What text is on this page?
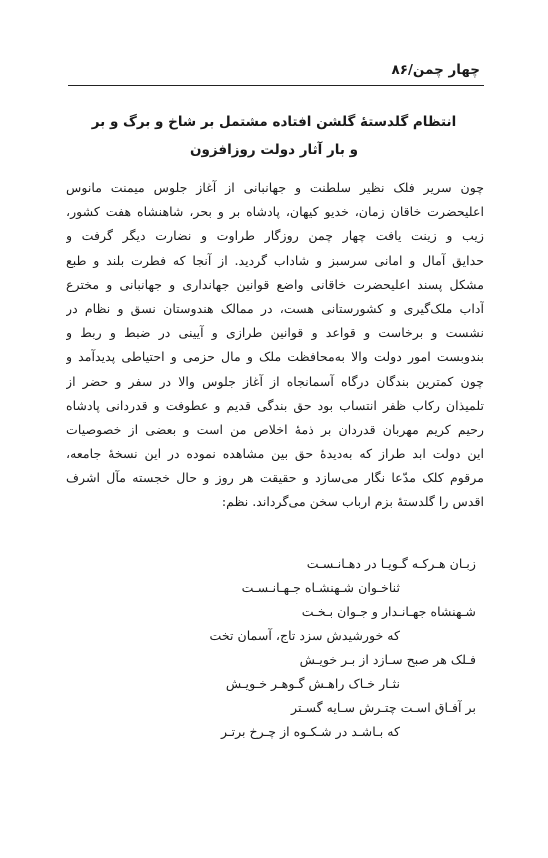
چهار چمن/۸۶
انتظام گلدستهٔ گلشن افتاده مشتمل بر شاخ و برگ و بر
و بار آثار دولت روزافزون
چون سریر فلک نظیر سلطنت و جهانبانی از آغاز جلوس میمنت مانوس
اعلیحضرت خاقان زمان، خدیو کیهان، پادشاه بر و بحر، شاهنشاه هفت کشور،
زیب و زینت یافت چهار چمن روزگار طراوت و نضارت دیگر گرفت و
حدایق آمال و امانی سرسبز و شاداب گردید. از آنجا که فطرت بلند و طبع
مشکل پسند اعلیحضرت خاقانی واضع قوانین جهانداری و جهانبانی و مخترع
آداب ملک‌گیری و کشورستانی هست، در ممالک هندوستان نسق و نظام در
نشست و برخاست و قواعد و قوانین طرازی و آیینی در ضبط و ربط و
بندوبست امور دولت والا به‌محافظت ملک و مال حزمی و احتیاطی پدیدآمد و
چون کمترین بندگان درگاه آسمانجاه از آغاز جلوس والا در سفر و حضر از
تلمیذان رکاب ظفر انتساب بود حق بندگی قدیم و عطوفت و قدردانی پادشاه
رحیم کریم مهربان قدردان بر ذمهٔ اخلاص من است و بعضی از خصوصیات
این دولت ابد طراز که به‌دیدهٔ حق بین مشاهده نموده در این نسخهٔ جامعه،
مرقوم کلک مدّعا نگار می‌سازد و حقیقت هر روز و حال خجسته مآل اشرف
اقدس را گلدستهٔ بزم ارباب سخن می‌گرداند. نظم:
زبـان هـرکـه گـویـا در دهـانـسـت
ثناخـوان شـهنشـاه جـهـانـسـت
شـهنشاه جهـانـدار و جـوان بـخـت
که خورشیدش سزد تاج، آسمان تخت
فـلک هر صبح سـازد از بـر خویـش
نثـار خـاک راهـش گـوهـر خـویـش
بر آفـاق اسـت چتـرش سـایه گسـتر
که بـاشـد در شـکـوه از چـرخ برتـر
